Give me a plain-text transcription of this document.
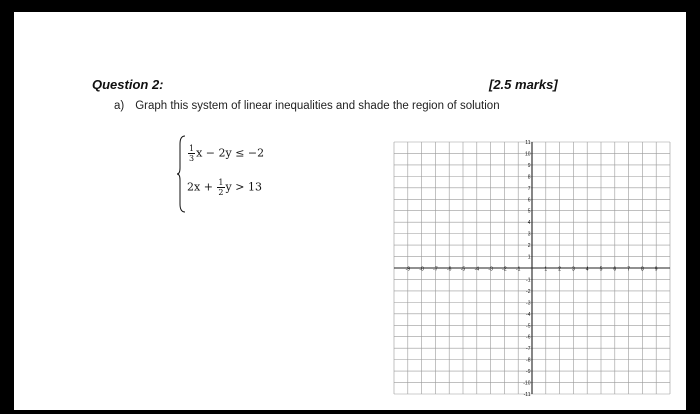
Question 2:	[2.5 marks]
a) Graph this system of linear inequalities and shade the region of solution
$\frac{1}{3}$ x − 2y ≤ −2
$2x + \frac{1}{2}$ y > 13
-9 -8 -7 -6 -5 -4 -3 -2 -1	1 2 3 4 5 6 7 8 9
11
10
9
8
7
6
5
4
3
2
1
-1
-2
-3
-4
-5
-6
-7
-8
-9
-10
-11
